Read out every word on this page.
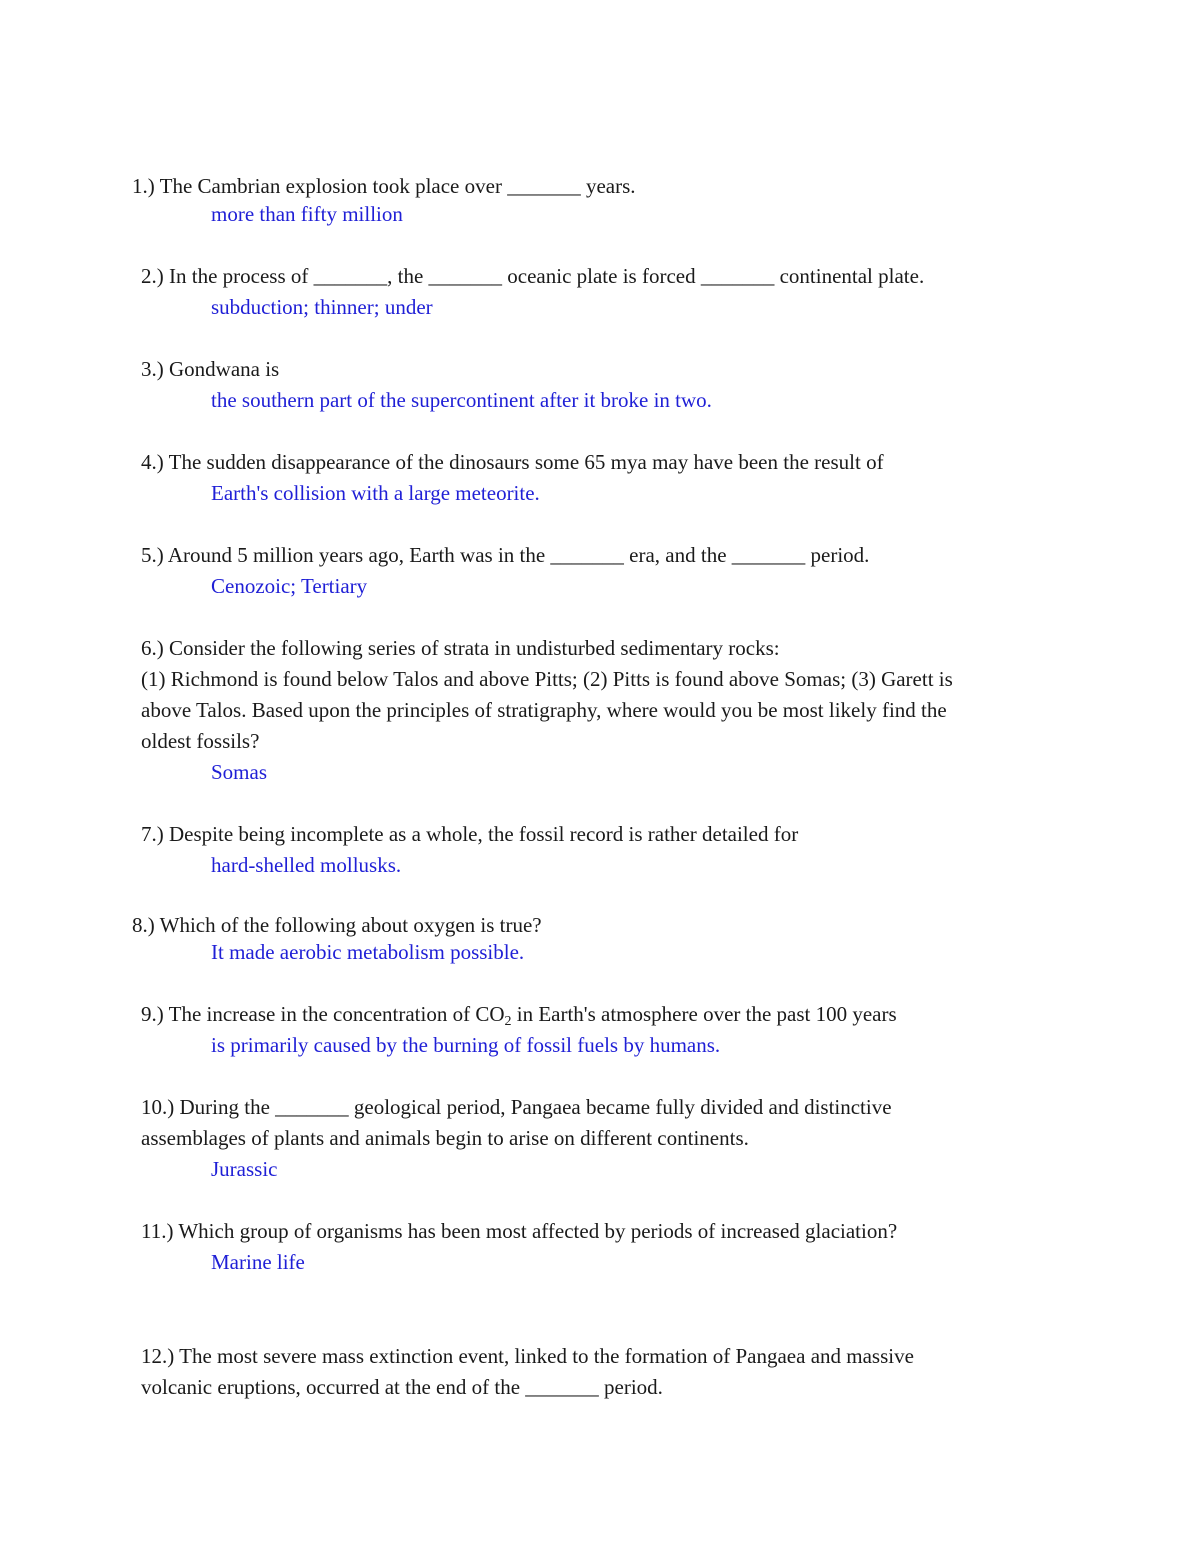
1.) The Cambrian explosion took place over _______ years.
more than fifty million
2.) In the process of _______, the _______ oceanic plate is forced _______ continental plate.
subduction; thinner; under
3.) Gondwana is
the southern part of the supercontinent after it broke in two.
4.) The sudden disappearance of the dinosaurs some 65 mya may have been the result of
Earth's collision with a large meteorite.
5.) Around 5 million years ago, Earth was in the _______ era, and the _______ period.
Cenozoic; Tertiary
6.) Consider the following series of strata in undisturbed sedimentary rocks:
(1) Richmond is found below Talos and above Pitts; (2) Pitts is found above Somas; (3) Garett is
above Talos. Based upon the principles of stratigraphy, where would you be most likely find the
oldest fossils?
Somas
7.) Despite being incomplete as a whole, the fossil record is rather detailed for
hard-shelled mollusks.
8.) Which of the following about oxygen is true?
It made aerobic metabolism possible.
9.) The increase in the concentration of $CO_2$ in Earth's atmosphere over the past 100 years
is primarily caused by the burning of fossil fuels by humans.
10.) During the _______ geological period, Pangaea became fully divided and distinctive
assemblages of plants and animals begin to arise on different continents.
Jurassic
11.) Which group of organisms has been most affected by periods of increased glaciation?
Marine life
12.) The most severe mass extinction event, linked to the formation of Pangaea and massive
volcanic eruptions, occurred at the end of the _______ period.
